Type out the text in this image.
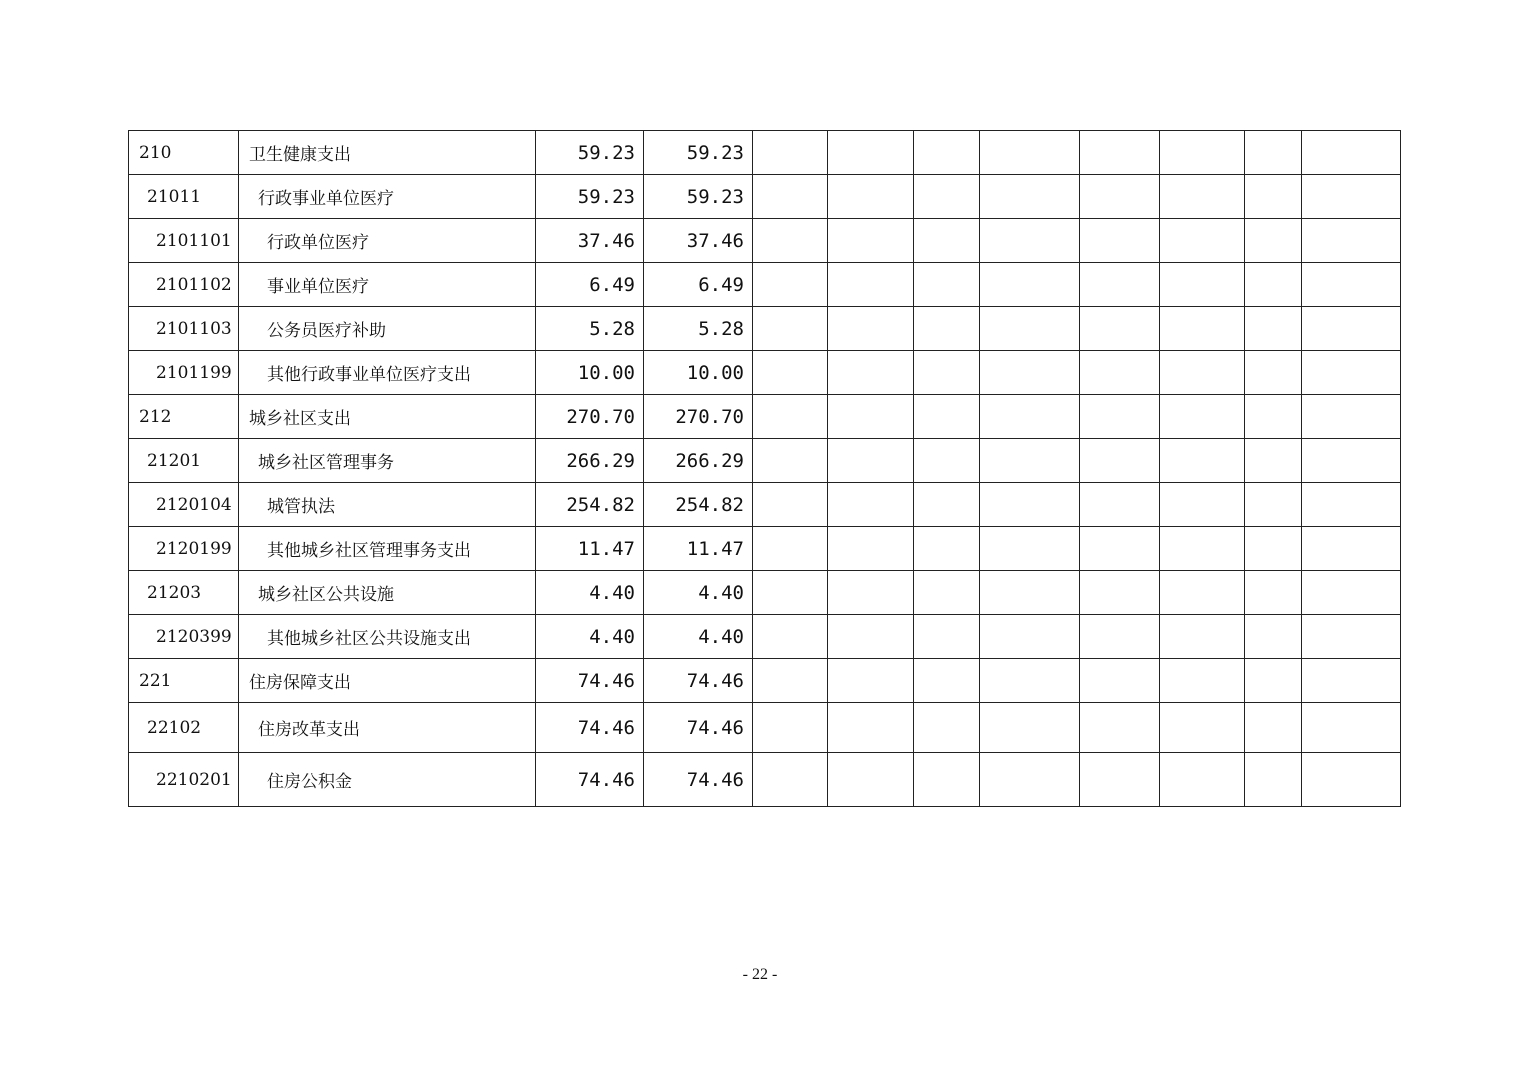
210	卫生健康支出	59.23	59.23								
21011	行政事业单位医疗	59.23	59.23								
2101101	行政单位医疗	37.46	37.46								
2101102	事业单位医疗	6.49	6.49								
2101103	公务员医疗补助	5.28	5.28								
2101199	其他行政事业单位医疗支出	10.00	10.00								
212	城乡社区支出	270.70	270.70								
21201	城乡社区管理事务	266.29	266.29								
2120104	城管执法	254.82	254.82								
2120199	其他城乡社区管理事务支出	11.47	11.47								
21203	城乡社区公共设施	4.40	4.40								
2120399	其他城乡社区公共设施支出	4.40	4.40								
221	住房保障支出	74.46	74.46								
22102	住房改革支出	74.46	74.46								
2210201	住房公积金	74.46	74.46								
- 22 -
